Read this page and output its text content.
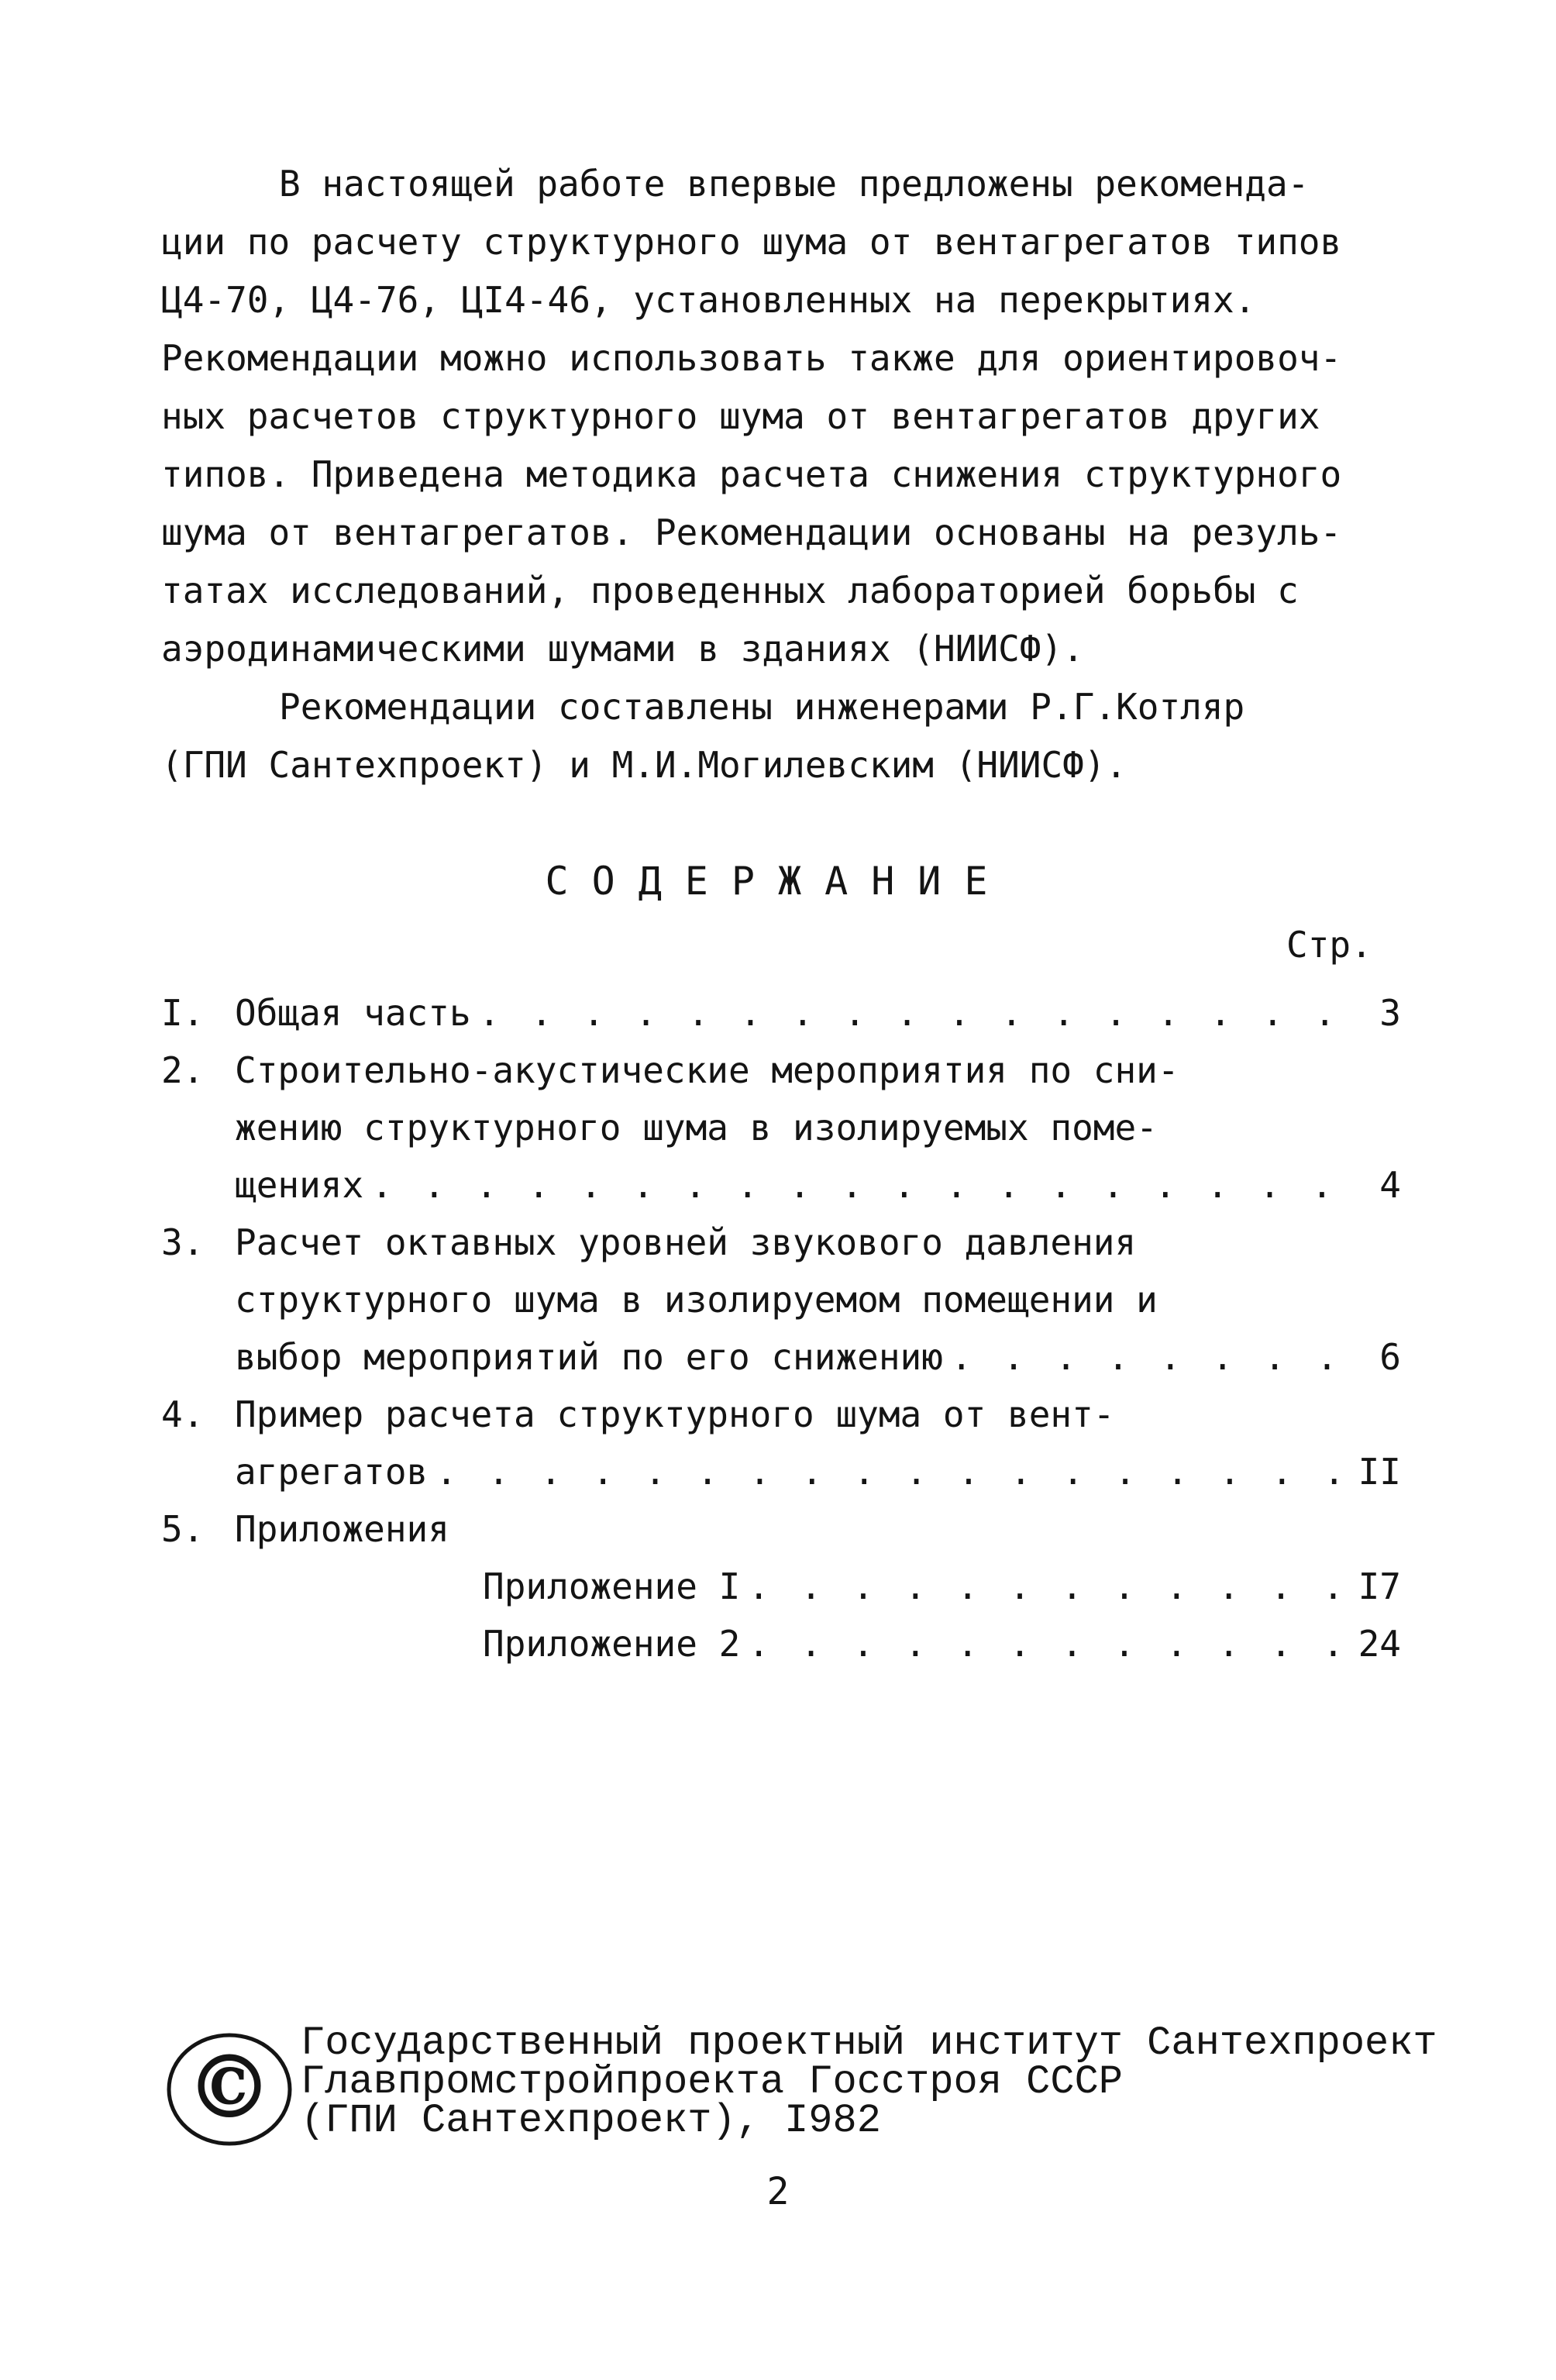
В настоящей работе впервые предложены рекоменда-
ции по расчету структурного шума от вентагрегатов типов
Ц4-70, Ц4-76, ЦI4-46, установленных на перекрытиях.
Рекомендации можно использовать также для ориентировоч-
ных расчетов структурного шума от вентагрегатов других
типов. Приведена методика расчета снижения структурного
шума от вентагрегатов. Рекомендации основаны на резуль-
татах исследований, проведенных лабораторией борьбы с
аэродинамическими шумами в зданиях (НИИСФ).

Рекомендации составлены инженерами Р.Г.Котляр
(ГПИ Сантехпроект) и М.И.Могилевским (НИИСФ).

СОДЕРЖАНИЕ
Стр.
I. Общая часть . . .	3
2. Строительно-акустические мероприятия по сни-
жению структурного шума в изолируемых поме-
щениях . . .	4
3. Расчет октавных уровней звукового давления
структурного шума в изолируемом помещении и
выбор мероприятий по его снижению . . .	6
4. Пример расчета структурного шума от вент-
агрегатов . . .	II
5. Приложения
Приложение I . . .	I7
Приложение 2 . . .	24
© Государственный проектный институт Сантехпроект
Главпромстройпроекта Госстроя СССР
(ГПИ Сантехпроект), I982
2
